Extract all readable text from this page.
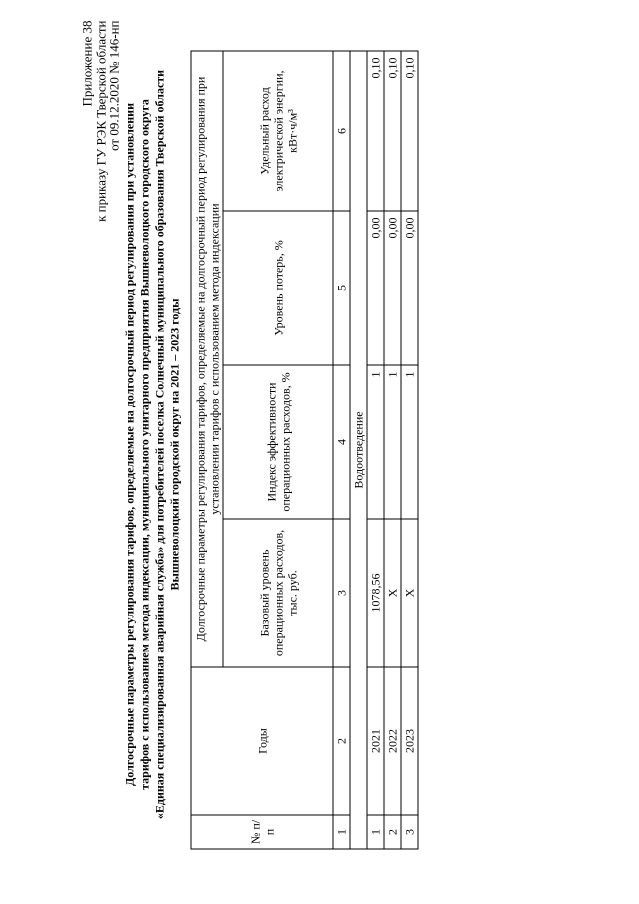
Приложение 38
к приказу ГУ РЭК Тверской области
от 09.12.2020 № 146-нп
Долгосрочные параметры регулирования тарифов, определяемые на долгосрочный период регулирования при установлении тарифов с использованием метода индексации, муниципального унитарного предприятия Вышневолоцкого городского округа «Единая специализированная аварийная служба» для потребителей поселка Солнечный муниципального образования Тверской области Вышневолоцкий городской округ на 2021 – 2023 годы
№ п/п	Годы	Долгосрочные параметры регулирования тарифов, определяемые на долгосрочный период регулирования при установлении тарифов с использованием метода индексации			
		Базовый уровень операционных расходов, тыс. руб.	Индекс эффективности операционных расходов, %	Уровень потерь, %	Удельный расход электрической энергии, кВт·ч/м³
1	2	3	4	5	6
Водоотведение					
1	2021	1078,56	1	0,00	0,10
2	2022	X	1	0,00	0,10
3	2023	X	1	0,00	0,10
